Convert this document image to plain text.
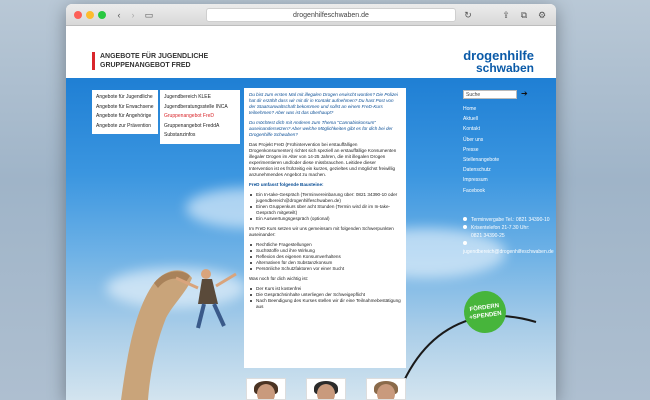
‹	›	▭	drogenhilfeschwaben.de	↻	⇪	⧉	⚙
ANGEBOTE FÜR JUGENDLICHE
GRUPPENANGEBOT FRED
drogenhilfe
schwaben
Angebote für Jugendliche
Angebote für Erwachsene
Angebote für Angehörige
Angebote zur Prävention
Jugendbereich KLEE
Jugendberatungsstelle INCA
Gruppenangebot FreD
Gruppenangebot FreddA
Substanzinfos

Du bist zum ersten Mal mit illegalen Drogen erwischt worden? Die Polizei hat dir erzählt dass wir mit dir in Kontakt aufnehmen? Du hast Post von der Staatsanwaltschaft bekommen und sollst an einem FreD-Kurs teilnehmen? Aber was ist das überhaupt?

Du möchtest dich mit Anderen zum Thema "Cannabiskonsum" auseinandersetzen? Aber welche Möglichkeiten gibt es für dich bei der Drogenhilfe Schwaben?

Das Projekt FreD (Frühintervention bei erstauffälligen Drogenkonsumenten) richtet sich speziell an erstauffällige Konsumenten illegaler Drogen im Alter von 14-25 Jahren, die mit illegalen Drogen experimentieren und/oder diese missbrauchen. Leitidee dieser Intervention ist es frühzeitig ein kurzes, gezieltes und möglichst freiwillig anzunehmendes Angebot zu machen.

FreD umfasst folgende Bausteine:

Ein In-take-Gespräch (Terminvereinbarung über: 0821 34390-10 oder jugendbereich@drogenhilfeschwaben.de)
Einen Gruppenkurs über acht Stunden (Termin wird dir im In-take-Gespräch mitgeteilt)
Ein Auswertungsgespräch (optional)

Im FreD Kurs setzen wir uns gemeinsam mit folgenden Schwerpunkten auseinander:

Rechtliche Fragestellungen
Suchtstoffe und ihre Wirkung
Reflexion des eigenen Konsumverhaltens
Alternativen für den Substanzkonsum
Persönliche Schutzfaktoren vor einer Sucht

Was noch für dich wichtig ist:

Der Kurs ist kostenfrei
Die Gesprächsinhalte unterliegen der Schweigepflicht
Nach Beendigung des Kurses stellen wir dir eine Teilnahmebestätigung aus
Suche	➔
Home
Aktuell
Kontakt
Über uns
Presse
Stellenangebote
Datenschutz
Impressum
Facebook
Terminvergabe Tel.: 0821 34390-10
Krisentelefon 21-7.30 Uhr:
0821 34390-25
jugendbereich@drogenhilfeschwaben.de
FÖRDERN
+SPENDEN
